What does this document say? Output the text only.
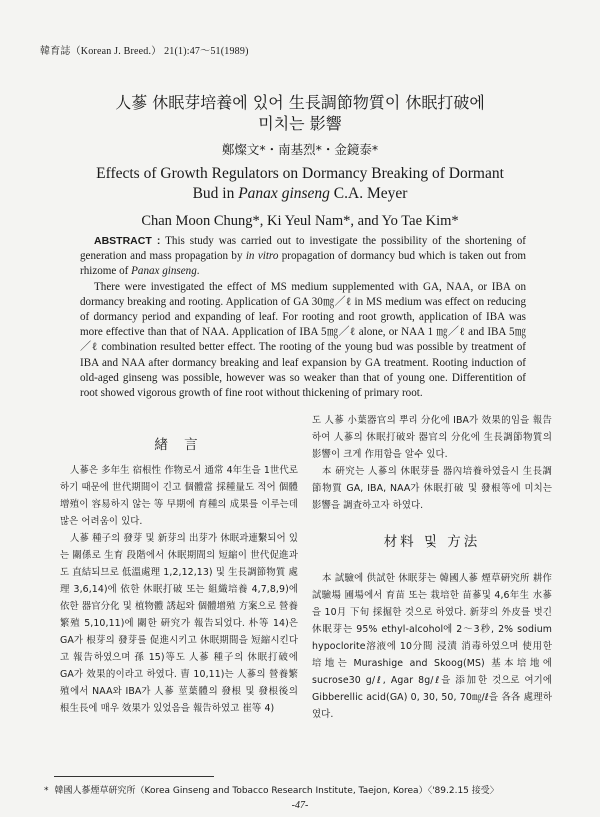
韓育誌（Korean J. Breed.） 21(1):47～51(1989)
人蔘 休眠芽培養에 있어 生長調節物質이 休眠打破에
미치는 影響
鄭燦文*・南基烈*・金鏡泰*
Effects of Growth Regulators on Dormancy Breaking of Dormant
Bud in Panax ginseng C.A. Meyer
Chan Moon Chung*, Ki Yeul Nam*, and Yo Tae Kim*

ABSTRACT : This study was carried out to investigate the possibility of the shortening of generation and mass propagation by in vitro propagation of dormancy bud which is taken out from rhizome of Panax ginseng.

There were investigated the effect of MS medium supplemented with GA, NAA, or IBA on dormancy breaking and rooting. Application of GA 30㎎／ℓ in MS medium was effect on reducing of dormancy period and expanding of leaf. For rooting and root growth, application of IBA was more effective than that of NAA. Application of IBA 5㎎／ℓ alone, or NAA 1 ㎎／ℓ and IBA 5㎎／ℓ combination resulted better effect. The rooting of the young bud was possible by treatment of IBA and NAA after dormancy breaking and leaf expansion by GA treatment. Rooting induction of old-aged ginseng was possible, however was so weaker than that of young one. Differentition of root showed vigorous growth of fine root without thickening of primary root.

緖 言

人蔘은 多年生 宿根性 作物로서 通常 4年生을 1世代로 하기 때문에 世代期間이 긴고 個體當 採種量도 적어 個體增殖이 容易하지 않는 等 早期에 育種의 成果를 이루는데 많은 어려움이 있다.

人蔘 種子의 發芽 및 新芽의 出芽가 休眠과連繫되어 있는 關係로 生育 段階에서 休眠期間의 短縮이 世代促進과도 直結되므로 低溫處理 1,2,12,13) 및 生長調節物質 處理 3,6,14)에 依한 休眠打破 또는 組織培養 4,7,8,9)에 依한 器官分化 및 植物體 誘起와 個體增殖 方案으로 營養繁殖 5,10,11)에 關한 硏究가 報告되었다. 朴等 14)은 GA가 根芽의 發芽를 促進시키고 休眠期間을 短縮시킨다고 報告하였으며 孫 15)等도 人蔘 種子의 休眠打破에 GA가 效果的이라고 하였다. 曺 10,11)는 人蔘의 營養繁殖에서 NAA와 IBA가 人蔘 莖葉體의 發根 및 發根後의 根生長에 매우 效果가 있었음을 報告하였고 崔等 4)

도 人蔘 小葉器官의 뿌리 分化에 IBA가 效果的임을 報告하여 人蔘의 休眠打破와 器官의 分化에 生長調節物質의 影響이 크게 作用함을 알수 있다.

本 硏究는 人蔘의 休眠芽를 器內培養하였을시 生長調節物質 GA, IBA, NAA가 休眠打破 및 發根等에 미치는 影響을 調査하고자 하였다.

材料 및 方法

本 試驗에 供試한 休眠芽는 韓國人蔘 煙草硏究所 耕作試驗場 圃場에서 育苗 또는 栽培한 苗蔘및 4,6年生 水蔘을 10月 下旬 採掘한 것으로 하였다. 新芽의 外皮를 벗긴 休眠芽는 95% ethyl-alcohol에 2～3秒, 2% sodium hypoclorite溶液에 10分間 浸漬 消毒하였으며 使用한 培地는 Murashige and Skoog(MS) 基本培地에 sucrose30 g/ℓ, Agar 8g/ℓ을 添加한 것으로 여기에 Gibberellic acid(GA) 0, 30, 50, 70㎎/ℓ을 各各 處理하였다.

* 韓國人蔘煙草硏究所（Korea Ginseng and Tobacco Research Institute, Taejon, Korea）〈'89.2.15 接受〉
-47-
